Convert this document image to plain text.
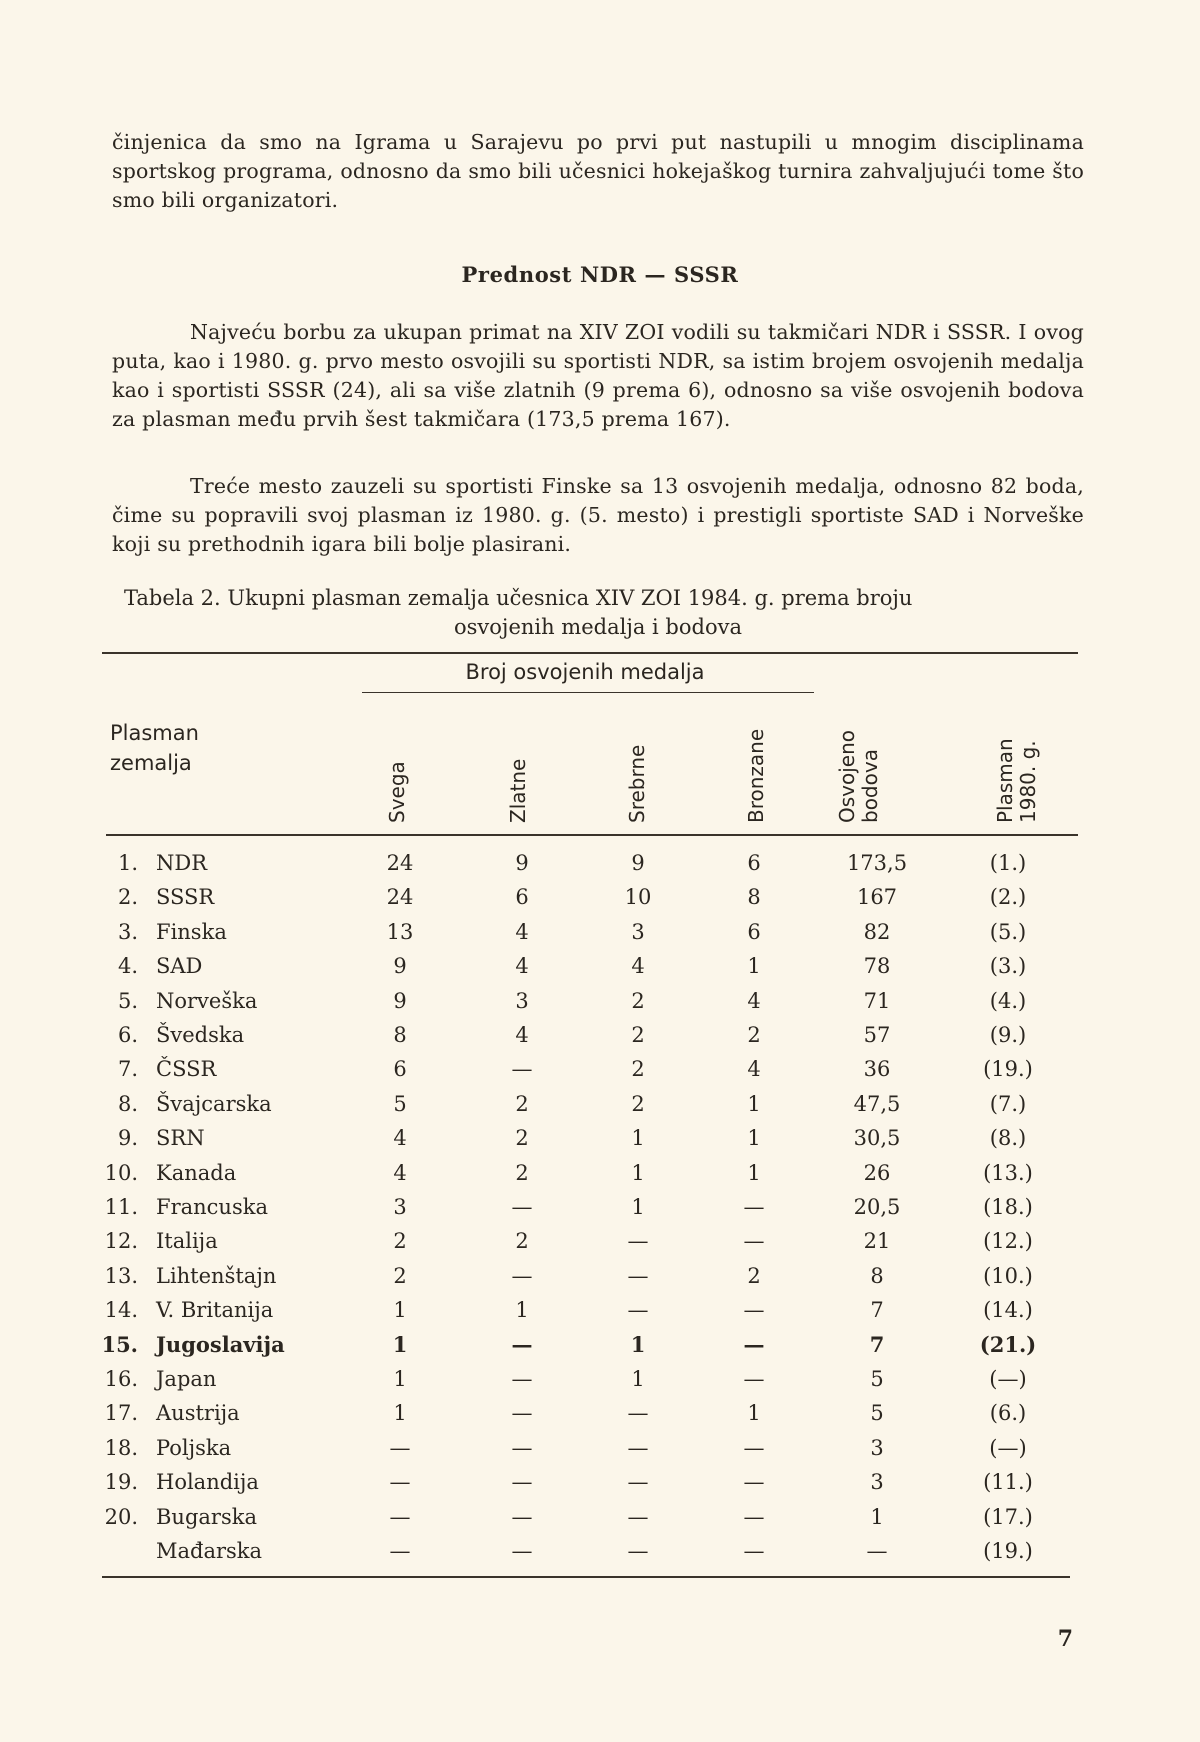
činjenica da smo na Igrama u Sarajevu po prvi put nastupili u mnogim disciplinama sportskog programa, odnosno da smo bili učesnici hokejaškog turnira zahvaljujući tome što smo bili organizatori.
Prednost NDR — SSSR
Najveću borbu za ukupan primat na XIV ZOI vodili su takmičari NDR i SSSR. I ovog puta, kao i 1980. g. prvo mesto osvojili su sportisti NDR, sa istim brojem osvojenih medalja kao i sportisti SSSR (24), ali sa više zlatnih (9 prema 6), odnosno sa više osvojenih bodova za plasman među prvih šest takmičara (173,5 prema 167).
Treće mesto zauzeli su sportisti Finske sa 13 osvojenih medalja, odnosno 82 boda, čime su popravili svoj plasman iz 1980. g. (5. mesto) i prestigli sportiste SAD i Norveške koji su prethodnih igara bili bolje plasirani.
Tabela 2. Ukupni plasman zemalja učesnica XIV ZOI 1984. g. prema broju
osvojenih medalja i bodova
Broj osvojenih medalja
Plasman
zemalja	Svega	Zlatne	Srebrne	Bronzane	Osvojeno
bodova	Plasman
1980. g.
1. NDR	24	9	9	6	173,5	(1.)
2. SSSR	24	6	10	8	167	(2.)
3. Finska	13	4	3	6	82	(5.)
4. SAD	9	4	4	1	78	(3.)
5. Norveška	9	3	2	4	71	(4.)
6. Švedska	8	4	2	2	57	(9.)
7. ČSSR	6	—	2	4	36	(19.)
8. Švajcarska	5	2	2	1	47,5	(7.)
9. SRN	4	2	1	1	30,5	(8.)
10. Kanada	4	2	1	1	26	(13.)
11. Francuska	3	—	1	—	20,5	(18.)
12. Italija	2	2	—	—	21	(12.)
13. Lihtenštajn	2	—	—	2	8	(10.)
14. V. Britanija	1	1	—	—	7	(14.)
15. Jugoslavija	1	—	1	—	7	(21.)
16. Japan	1	—	1	—	5	(—)
17. Austrija	1	—	—	1	5	(6.)
18. Poljska	—	—	—	—	3	(—)
19. Holandija	—	—	—	—	3	(11.)
20. Bugarska	—	—	—	—	1	(17.)
Mađarska	—	—	—	—	—	(19.)
7
